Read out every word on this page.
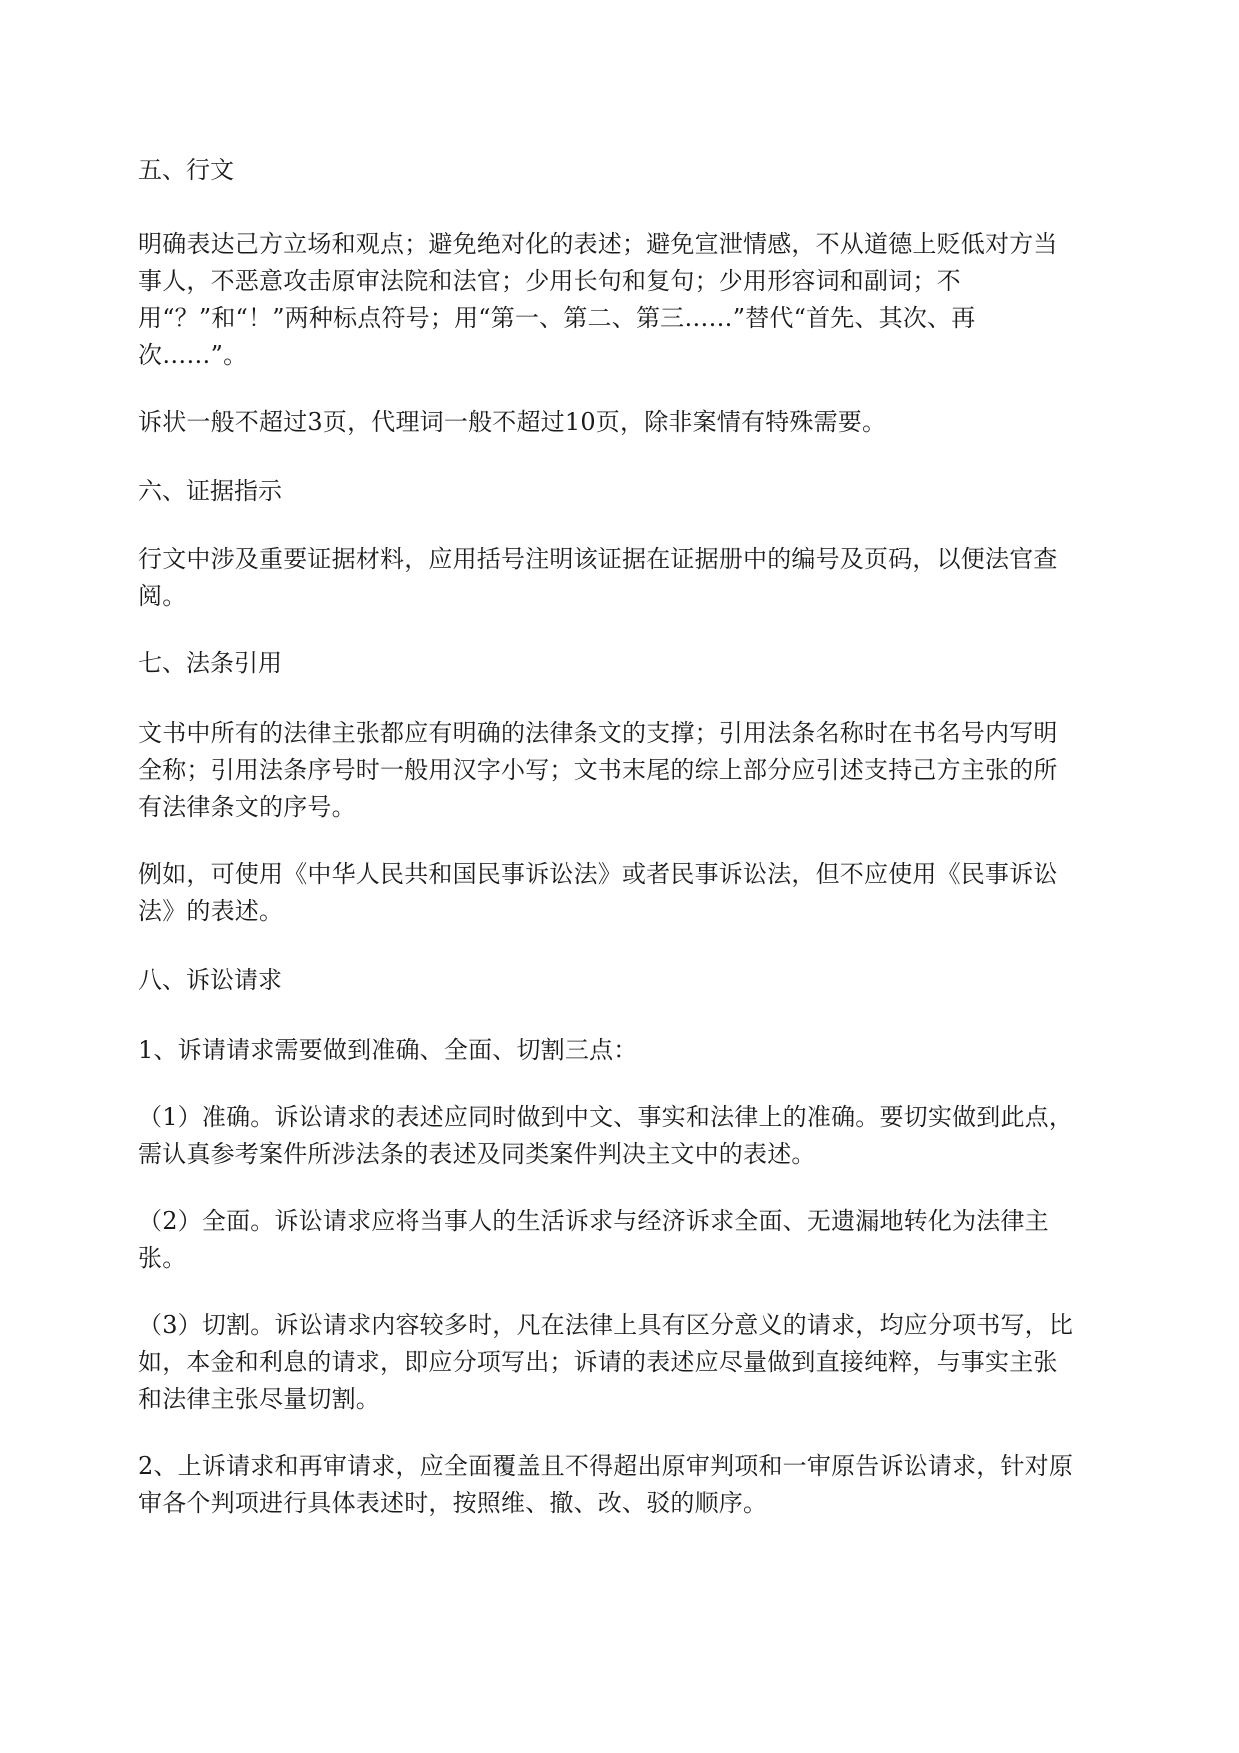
五、行文

明确表达己方立场和观点；避免绝对化的表述；避免宣泄情感，不从道德上贬低对方当
事人，不恶意攻击原审法院和法官；少用长句和复句；少用形容词和副词；不
用“？”和“！”两种标点符号；用“第一、第二、第三……”替代“首先、其次、再
次……”。

诉状一般不超过3页，代理词一般不超过10页，除非案情有特殊需要。

六、证据指示

行文中涉及重要证据材料，应用括号注明该证据在证据册中的编号及页码，以便法官查
阅。

七、法条引用

文书中所有的法律主张都应有明确的法律条文的支撑；引用法条名称时在书名号内写明
全称；引用法条序号时一般用汉字小写；文书末尾的综上部分应引述支持己方主张的所
有法律条文的序号。

例如，可使用《中华人民共和国民事诉讼法》或者民事诉讼法，但不应使用《民事诉讼
法》的表述。

八、诉讼请求

1、诉请请求需要做到准确、全面、切割三点：

（1）准确。诉讼请求的表述应同时做到中文、事实和法律上的准确。要切实做到此点，
需认真参考案件所涉法条的表述及同类案件判决主文中的表述。

（2）全面。诉讼请求应将当事人的生活诉求与经济诉求全面、无遗漏地转化为法律主
张。

（3）切割。诉讼请求内容较多时，凡在法律上具有区分意义的请求，均应分项书写，比
如，本金和利息的请求，即应分项写出；诉请的表述应尽量做到直接纯粹，与事实主张
和法律主张尽量切割。

2、上诉请求和再审请求，应全面覆盖且不得超出原审判项和一审原告诉讼请求，针对原
审各个判项进行具体表述时，按照维、撤、改、驳的顺序。
